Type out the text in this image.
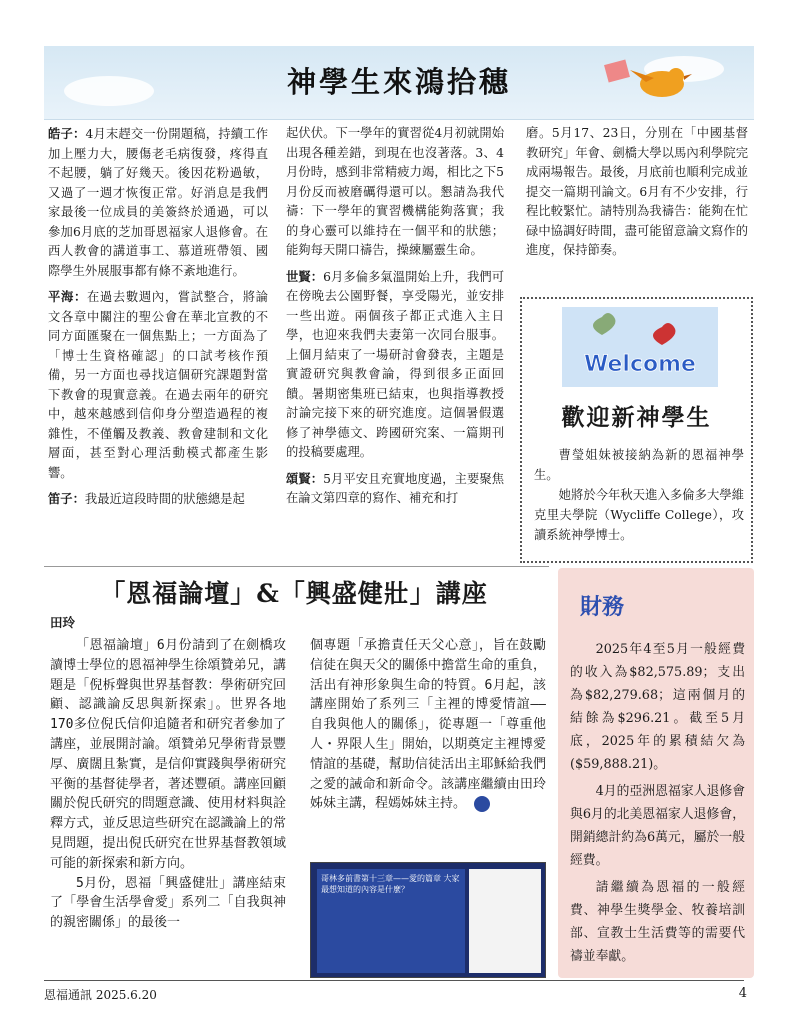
神學生來鴻拾穗

皓子：4月末趕交一份開題稿，持續工作加上壓力大，腰傷老毛病復發，疼得直不起腰，躺了好幾天。後因花粉過敏，又過了一週才恢復正常。好消息是我們家最後一位成員的美簽終於通過，可以參加6月底的芝加哥恩福家人退修會。在西人教會的講道事工、慕道班帶領、國際學生外展服事都有條不紊地進行。

平海：在過去數週內，嘗試整合，將論文各章中關注的聖公會在華北宣教的不同方面匯聚在一個焦點上；一方面為了「博士生資格確認」的口試考核作預備，另一方面也尋找這個研究課題對當下教會的現實意義。在過去兩年的研究中，越來越感到信仰身分塑造過程的複雜性，不僅觸及教義、教會建制和文化層面，甚至對心理活動模式都產生影響。

笛子：我最近這段時間的狀態總是起

起伏伏。下一學年的實習從4月初就開始出現各種差錯，到現在也沒著落。3、4月份時，感到非常精疲力竭，相比之下5月份反而被磨礪得還可以。懇請為我代禱：下一學年的實習機構能夠落實；我的身心靈可以維持在一個平和的狀態；能夠每天開口禱告，操練屬靈生命。

世賢：6月多倫多氣溫開始上升，我們可在傍晚去公園野餐，享受陽光，並安排一些出遊。兩個孩子都正式進入主日學，也迎來我們夫妻第一次同台服事。上個月結束了一場研討會發表，主題是實證研究與教會論，得到很多正面回饋。暑期密集班已結束，也與指導教授討論完接下來的研究進度。這個暑假選修了神學德文、跨國研究案、一篇期刊的投稿要處理。

頌賢：5月平安且充實地度過，主要聚焦在論文第四章的寫作、補充和打

磨。5月17、23日，分別在「中國基督教研究」年會、劍橋大學以馬內利學院完成兩場報告。最後，月底前也順利完成並提交一篇期刊論文。6月有不少安排，行程比較緊忙。請特別為我禱告：能夠在忙碌中協調好時間，盡可能留意論文寫作的進度，保持節奏。

Welcome
歡迎新神學生

曹瑩姐妹被接納為新的恩福神學生。

她將於今年秋天進入多倫多大學維克里夫學院（Wycliffe College），攻讀系統神學博士。

「恩福論壇」&「興盛健壯」講座
田玲

「恩福論壇」6月份請到了在劍橋攻讀博士學位的恩福神學生徐頌贊弟兄，講題是「倪柝聲與世界基督教：學術研究回顧、認識論反思與新探索」。世界各地170多位倪氏信仰追隨者和研究者參加了講座，並展開討論。頌贊弟兄學術背景豐厚、廣闊且紮實，是信仰實踐與學術研究平衡的基督徒學者，著述豐碩。講座回顧關於倪氏研究的問題意識、使用材料與詮釋方式，並反思這些研究在認識論上的常見問題，提出倪氏研究在世界基督教領域可能的新探索和新方向。

5月份，恩福「興盛健壯」講座結束了「學會生活學會愛」系列二「自我與神的親密關係」的最後一

個專題「承擔責任天父心意」，旨在鼓勵信徒在與天父的關係中擔當生命的重負，活出有神形象與生命的特質。6月起，該講座開始了系列三「主裡的博愛情誼——自我與他人的關係」，從專題一「尊重他人・界限人生」開始，以期奠定主裡博愛情誼的基礎，幫助信徒活出主耶穌給我們之愛的誡命和新命令。該講座繼續由田玲姊妹主講，程嫣姊妹主持。

哥林多前書第十三章——愛的篇章 大家最想知道的內容是什麼？
財務

2025年4至5月一般經費的收入為$82,575.89；支出為$82,279.68；這兩個月的結餘為$296.21。截至5月底，2025年的累積結欠為($59,888.21)。

4月的亞洲恩福家人退修會與6月的北美恩福家人退修會，開銷總計約為6萬元，屬於一般經費。

請繼續為恩福的一般經費、神學生獎學金、牧養培訓部、宣教士生活費等的需要代禱並奉獻。

恩福通訊 2025.6.20	4
